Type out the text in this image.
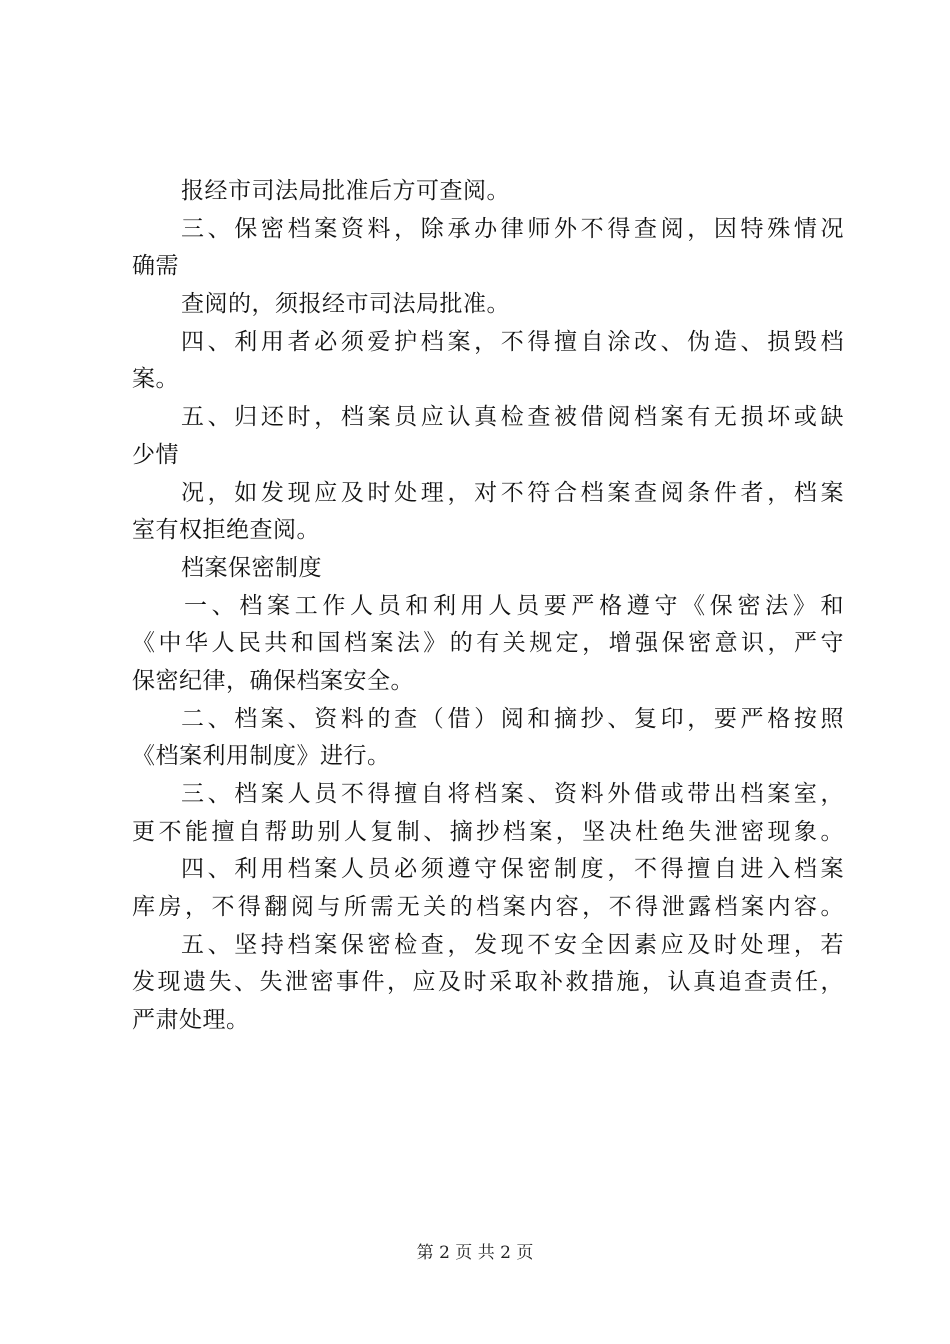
报经市司法局批准后方可查阅。
三、保密档案资料，除承办律师外不得查阅，因特殊情况
确需
查阅的，须报经市司法局批准。
四、利用者必须爱护档案，不得擅自涂改、伪造、损毁档
案。
五、归还时，档案员应认真检查被借阅档案有无损坏或缺
少情
况，如发现应及时处理，对不符合档案查阅条件者，档案
室有权拒绝查阅。
档案保密制度
一、档案工作人员和利用人员要严格遵守《保密法》和
《中华人民共和国档案法》的有关规定，增强保密意识，严守
保密纪律，确保档案安全。
二、档案、资料的查（借）阅和摘抄、复印，要严格按照
《档案利用制度》进行。
三、档案人员不得擅自将档案、资料外借或带出档案室，
更不能擅自帮助别人复制、摘抄档案，坚决杜绝失泄密现象。
四、利用档案人员必须遵守保密制度，不得擅自进入档案
库房，不得翻阅与所需无关的档案内容，不得泄露档案内容。
五、坚持档案保密检查，发现不安全因素应及时处理，若
发现遗失、失泄密事件，应及时采取补救措施，认真追查责任，
严肃处理。
第 2 页 共 2 页
